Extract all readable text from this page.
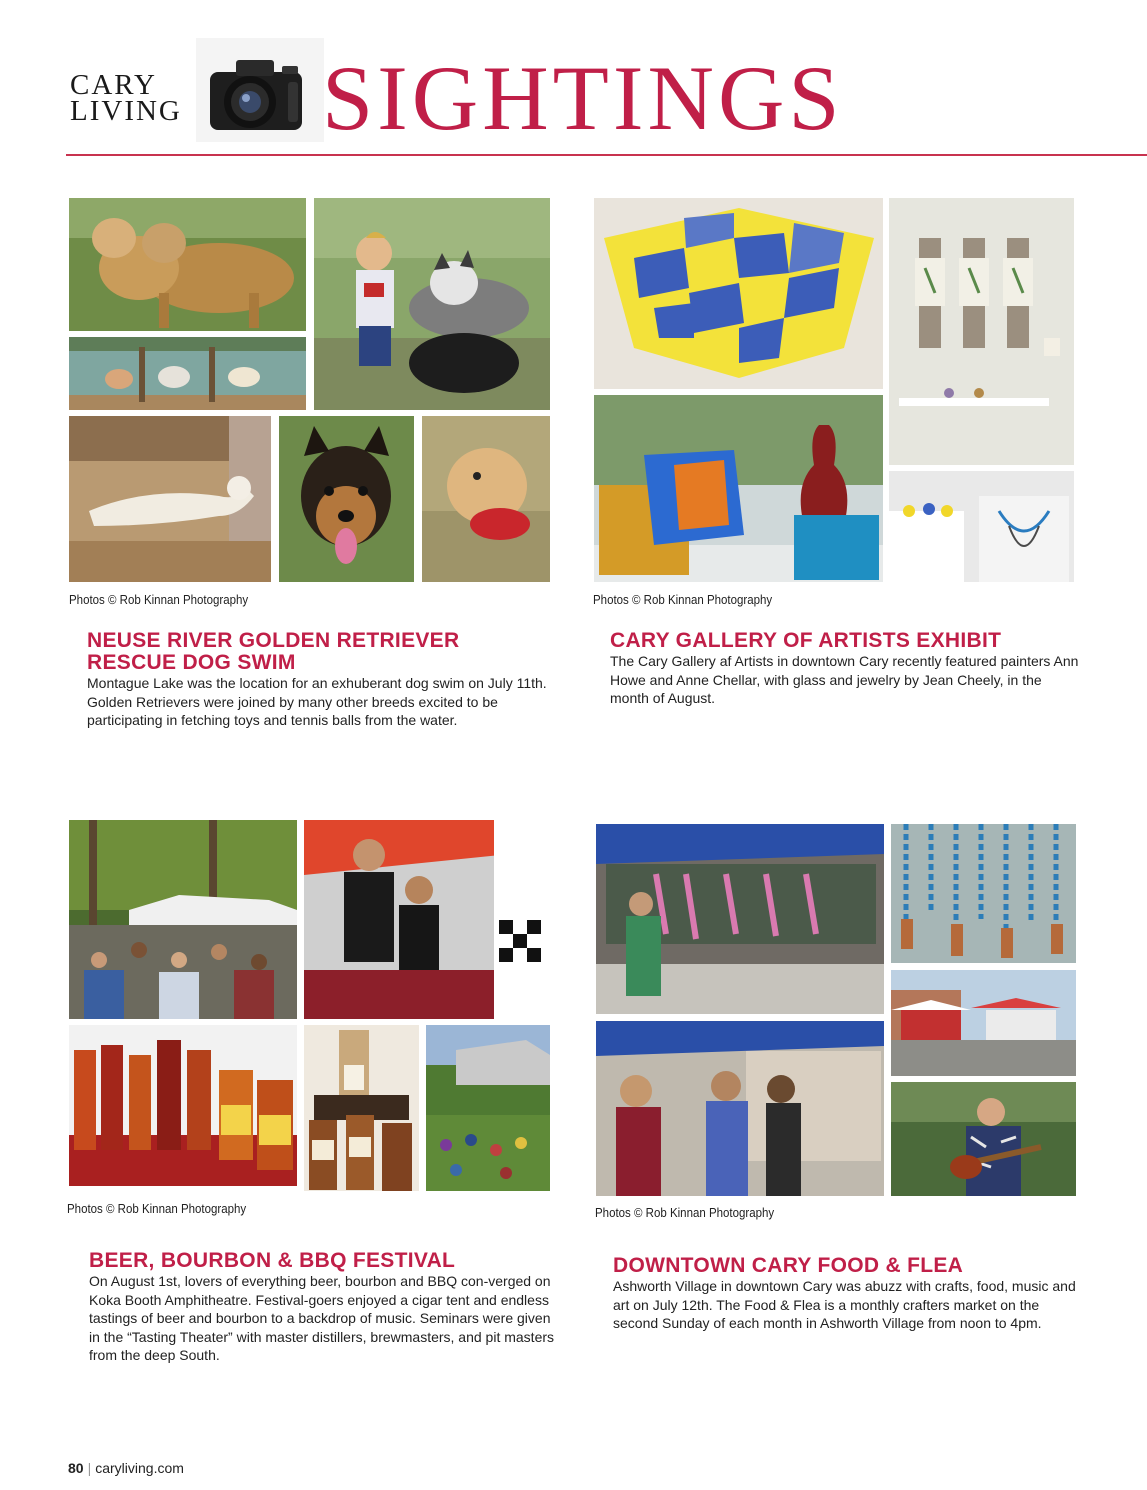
CARY
LIVING SIGHTINGS
Photos © Rob Kinnan Photography
NEUSE RIVER GOLDEN RETRIEVER
RESCUE DOG SWIM

Montague Lake was the location for an exhuberant dog swim on July 11th. Golden Retrievers were joined by many other breeds excited to be participating in fetching toys and tennis balls from the water.

Photos © Rob Kinnan Photography
CARY GALLERY OF ARTISTS EXHIBIT

The Cary Gallery af Artists in downtown Cary recently featured painters Ann Howe and Anne Chellar, with glass and jewelry by Jean Cheely, in the month of August.

Photos © Rob Kinnan Photography
BEER, BOURBON & BBQ FESTIVAL

On August 1st, lovers of everything beer, bourbon and BBQ con-verged on Koka Booth Amphitheatre. Festival-goers enjoyed a cigar tent and endless tastings of beer and bourbon to a backdrop of music. Seminars were given in the “Tasting Theater” with master distillers, brewmasters, and pit masters from the deep South.

Photos © Rob Kinnan Photography
DOWNTOWN CARY FOOD & FLEA

Ashworth Village in downtown Cary was abuzz with crafts, food, music and art on July 12th. The Food & Flea is a monthly crafters market on the second Sunday of each month in Ashworth Village from noon to 4pm.

80 | caryliving.com
